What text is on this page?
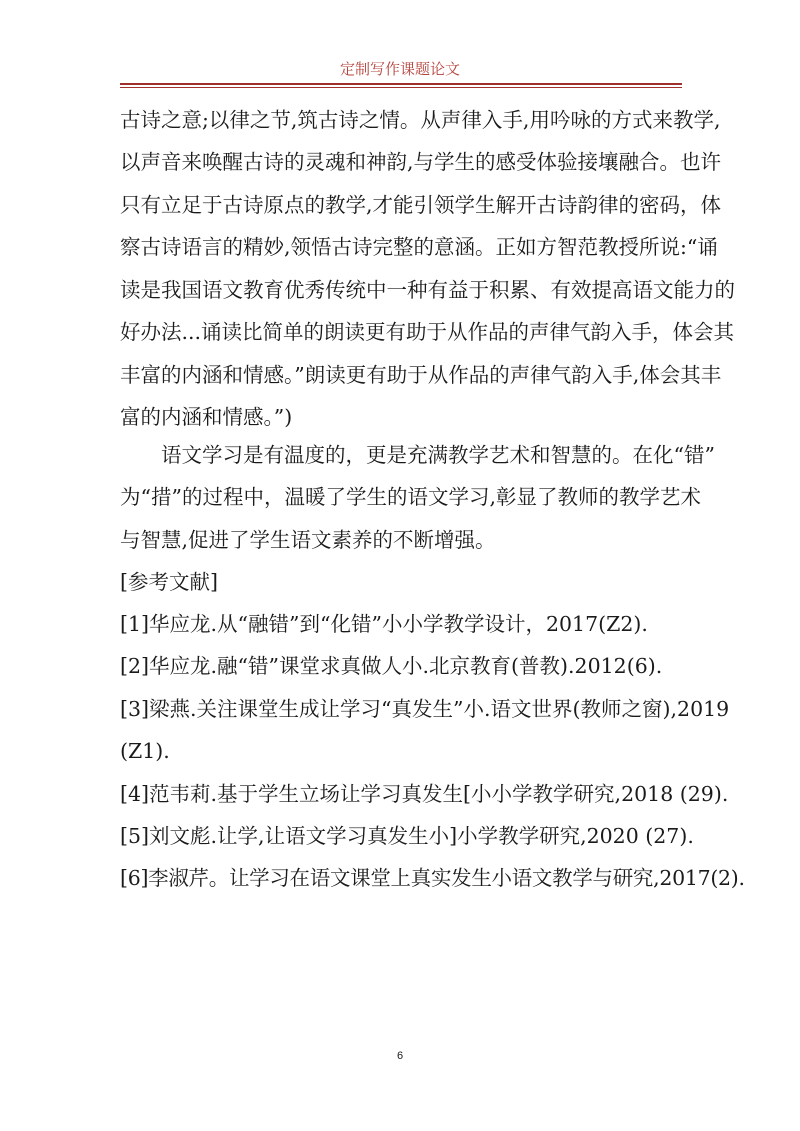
定制写作课题论文
古诗之意;以律之节,筑古诗之情。从声律入手,用吟咏的方式来教学,
以声音来唤醒古诗的灵魂和神韵,与学生的感受体验接壤融合。也许
只有立足于古诗原点的教学,才能引领学生解开古诗韵律的密码，体
察古诗语言的精妙,领悟古诗完整的意涵。正如方智范教授所说:“诵
读是我国语文教育优秀传统中一种有益于积累、有效提高语文能力的
好办法...诵读比简单的朗读更有助于从作品的声律气韵入手，体会其
丰富的内涵和情感。”朗读更有助于从作品的声律气韵入手,体会其丰
富的内涵和情感。”)
语文学习是有温度的，更是充满教学艺术和智慧的。在化“错”
为“措”的过程中，温暖了学生的语文学习,彰显了教师的教学艺术
与智慧,促进了学生语文素养的不断增强。
[参考文献]
[1]华应龙.从“融错”到“化错”小小学教学设计，2017(Z2).
[2]华应龙.融“错”课堂求真做人小.北京教育(普教).2012(6).
[3]梁燕.关注课堂生成让学习“真发生”小.语文世界(教师之窗),2019
(Z1).
[4]范韦莉.基于学生立场让学习真发生[小小学教学研究,2018 (29).
[5]刘文彪.让学,让语文学习真发生小]小学教学研究,2020 (27).
[6]李淑芹。让学习在语文课堂上真实发生小语文教学与研究,2017(2).
6
